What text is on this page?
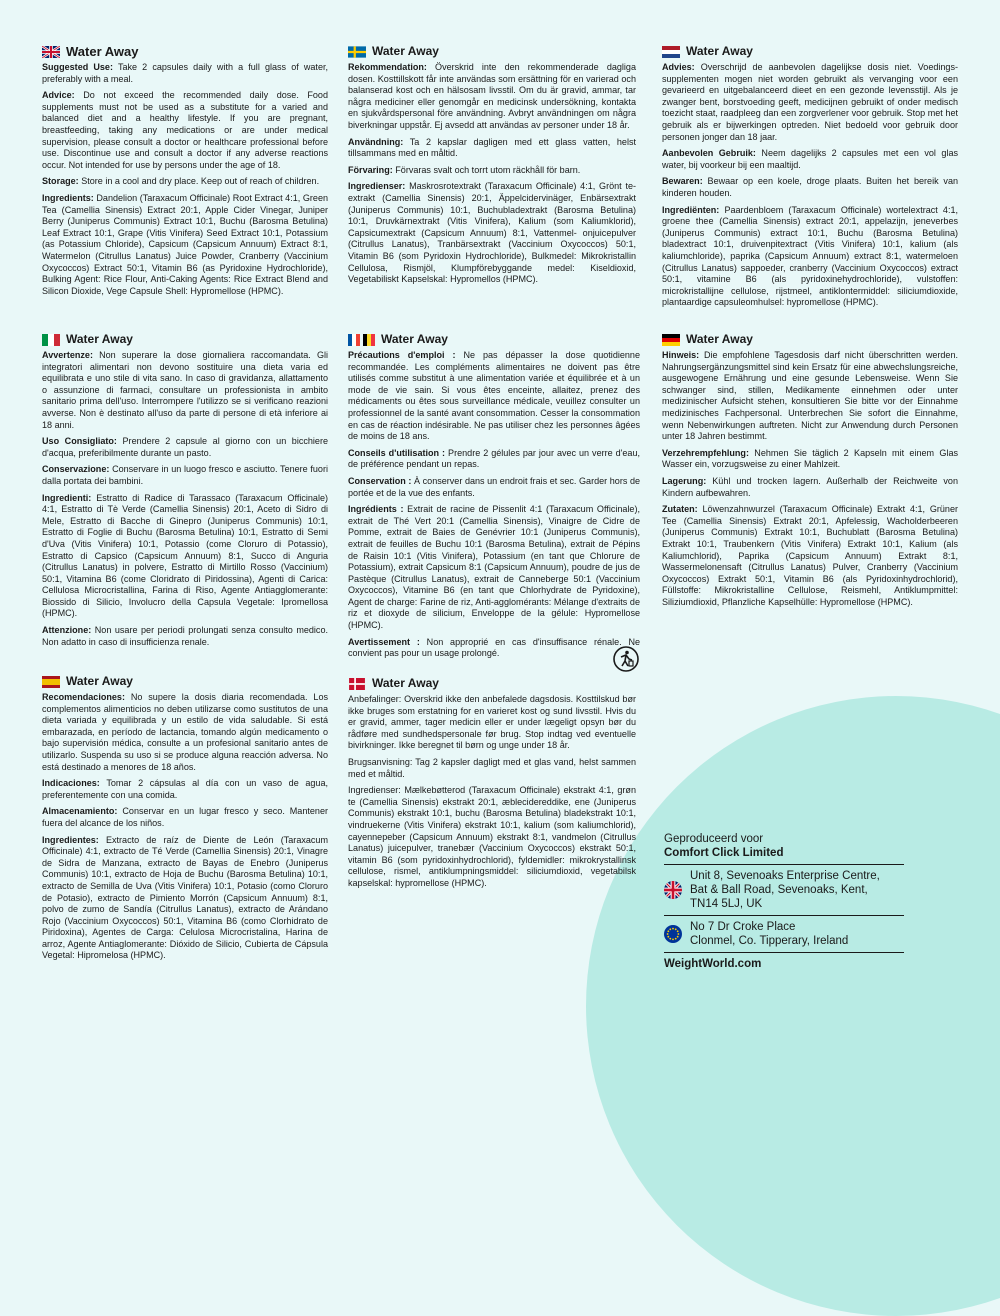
Water Away

Suggested Use: Take 2 capsules daily with a full glass of water, preferably with a meal.

Advice: Do not exceed the recommended daily dose. Food supplements must not be used as a substitute for a varied and balanced diet and a healthy lifestyle. If you are pregnant, breastfeeding, taking any medications or are under medical supervision, please consult a doctor or healthcare professional before use. Discontinue use and consult a doctor if any adverse reactions occur. Not intended for use by persons under the age of 18.

Storage: Store in a cool and dry place. Keep out of reach of children.

Ingredients: Dandelion (Taraxacum Officinale) Root Extract 4:1, Green Tea (Camellia Sinensis) Extract 20:1, Apple Cider Vinegar, Juniper Berry (Juniperus Communis) Extract 10:1, Buchu (Barosma Betulina) Leaf Extract 10:1, Grape (Vitis Vinifera) Seed Extract 10:1, Potassium (as Potassium Chloride), Capsicum (Capsicum Annuum) Extract 8:1, Watermelon (Citrullus Lanatus) Juice Powder, Cranberry (Vaccinium Oxycoccos) Extract 50:1, Vitamin B6 (as Pyridoxine Hydrochloride), Bulking Agent: Rice Flour, Anti-Caking Agents: Rice Extract Blend and Silicon Dioxide, Vege Capsule Shell: Hypromellose (HPMC).

Water Away

Rekommendation: Överskrid inte den rekommenderade dagliga dosen. Kosttillskott får inte användas som ersättning för en varierad och balanserad kost och en hälsosam livsstil. Om du är gravid, ammar, tar några mediciner eller genomgår en medicinsk undersökning, kontakta en sjukvårdspersonal före användning. Avbryt användningen om några biverkningar uppstår. Ej avsedd att användas av personer under 18 år.

Användning: Ta 2 kapslar dagligen med ett glass vatten, helst tillsammans med en måltid.

Förvaring: Förvaras svalt och torrt utom räckhåll för barn.

Ingredienser: Maskrosrotextrakt (Taraxacum Officinale) 4:1, Grönt te-extrakt (Camellia Sinensis) 20:1, Äppelcidervinäger, Enbärsextrakt (Juniperus Communis) 10:1, Buchubladextrakt (Barosma Betulina) 10:1, Druvkärnextrakt (Vitis Vinifera), Kalium (som Kaliumklorid), Capsicumextrakt (Capsicum Annuum) 8:1, Vattenmel- onjuicepulver (Citrullus Lanatus), Tranbärsextrakt (Vaccinium Oxycoccos) 50:1, Vitamin B6 (som Pyridoxin Hydrochloride), Bulkmedel: Mikrokristallin Cellulosa, Rismjöl, Klumpförebyggande medel: Kiseldioxid, Vegetabiliskt Kapselskal: Hypromellos (HPMC).

Water Away

Advies: Overschrijd de aanbevolen dagelijkse dosis niet. Voedings- supplementen mogen niet worden gebruikt als vervanging voor een gevarieerd en uitgebalanceerd dieet en een gezonde levensstijl. Als je zwanger bent, borstvoeding geeft, medicijnen gebruikt of onder medisch toezicht staat, raadpleeg dan een zorgverlener voor gebruik. Stop met het gebruik als er bijwerkingen optreden. Niet bedoeld voor gebruik door personen jonger dan 18 jaar.

Aanbevolen Gebruik: Neem dagelijks 2 capsules met een vol glas water, bij voorkeur bij een maaltijd.

Bewaren: Bewaar op een koele, droge plaats. Buiten het bereik van kinderen houden.

Ingrediënten: Paardenbloem (Taraxacum Officinale) wortelextract 4:1, groene thee (Camellia Sinensis) extract 20:1, appelazijn, jeneverbes (Juniperus Communis) extract 10:1, Buchu (Barosma Betulina) bladextract 10:1, druivenpitextract (Vitis Vinifera) 10:1, kalium (als kaliumchloride), paprika (Capsicum Annuum) extract 8:1, watermeloen (Citrullus Lanatus) sappoeder, cranberry (Vaccinium Oxycoccos) extract 50:1, vitamine B6 (als pyridoxinehydrochloride), vulstoffen: microkristallijne cellulose, rijstmeel, antiklontermiddel: siliciumdioxide, plantaardige capsuleomhulsel: hypromellose (HPMC).

Water Away

Avvertenze: Non superare la dose giornaliera raccomandata. Gli integratori alimentari non devono sostituire una dieta varia ed equilibrata e uno stile di vita sano. In caso di gravidanza, allattamento o assunzione di farmaci, consultare un professionista in ambito sanitario prima dell'uso. Interrompere l'utilizzo se si verificano reazioni avverse. Non è destinato all'uso da parte di persone di età inferiore ai 18 anni.

Uso Consigliato: Prendere 2 capsule al giorno con un bicchiere d'acqua, preferibilmente durante un pasto.

Conservazione: Conservare in un luogo fresco e asciutto. Tenere fuori dalla portata dei bambini.

Ingredienti: Estratto di Radice di Tarassaco (Taraxacum Officinale) 4:1, Estratto di Tè Verde (Camellia Sinensis) 20:1, Aceto di Sidro di Mele, Estratto di Bacche di Ginepro (Juniperus Communis) 10:1, Estratto di Foglie di Buchu (Barosma Betulina) 10:1, Estratto di Semi d'Uva (Vitis Vinifera) 10:1, Potassio (come Cloruro di Potassio), Estratto di Capsico (Capsicum Annuum) 8:1, Succo di Anguria (Citrullus Lanatus) in polvere, Estratto di Mirtillo Rosso (Vaccinium) 50:1, Vitamina B6 (come Cloridrato di Piridossina), Agenti di Carica: Cellulosa Microcristallina, Farina di Riso, Agente Antiagglomerante: Biossido di Silicio, Involucro della Capsula Vegetale: Ipromellosa (HPMC).

Attenzione: Non usare per periodi prolungati senza consulto medico. Non adatto in caso di insufficienza renale.

Water Away

Précautions d'emploi : Ne pas dépasser la dose quotidienne recommandée. Les compléments alimentaires ne doivent pas être utilisés comme substitut à une alimentation variée et équilibrée et à un mode de vie sain. Si vous êtes enceinte, allaitez, prenez des médicaments ou êtes sous surveillance médicale, veuillez consulter un professionnel de la santé avant consommation. Cesser la consommation en cas de réaction indésirable. Ne pas utiliser chez les personnes âgées de moins de 18 ans.

Conseils d'utilisation : Prendre 2 gélules par jour avec un verre d'eau, de préférence pendant un repas.

Conservation : À conserver dans un endroit frais et sec. Garder hors de portée et de la vue des enfants.

Ingrédients : Extrait de racine de Pissenlit 4:1 (Taraxacum Officinale), extrait de Thé Vert 20:1 (Camellia Sinensis), Vinaigre de Cidre de Pomme, extrait de Baies de Genévrier 10:1 (Juniperus Communis), extrait de feuilles de Buchu 10:1 (Barosma Betulina), extrait de Pépins de Raisin 10:1 (Vitis Vinifera), Potassium (en tant que Chlorure de Potassium), extrait Capsicum 8:1 (Capsicum Annuum), poudre de jus de Pastèque (Citrullus Lanatus), extrait de Canneberge 50:1 (Vaccinium Oxycoccos), Vitamine B6 (en tant que Chlorhydrate de Pyridoxine), Agent de charge: Farine de riz, Anti-agglomérants: Mélange d'extraits de riz et dioxyde de silicium, Enveloppe de la gélule: Hypromellose (HPMC).

Avertissement : Non approprié en cas d'insuffisance rénale. Ne convient pas pour un usage prolongé.

Water Away

Hinweis: Die empfohlene Tagesdosis darf nicht überschritten werden. Nahrungsergänzungsmittel sind kein Ersatz für eine abwechslungsreiche, ausgewogene Ernährung und eine gesunde Lebensweise. Wenn Sie schwanger sind, stillen, Medikamente einnehmen oder unter medizinischer Aufsicht stehen, konsultieren Sie bitte vor der Einnahme medizinisches Fachpersonal. Unterbrechen Sie sofort die Einnahme, wenn Nebenwirkungen auftreten. Nicht zur Anwendung durch Personen unter 18 Jahren bestimmt.

Verzehrempfehlung: Nehmen Sie täglich 2 Kapseln mit einem Glas Wasser ein, vorzugsweise zu einer Mahlzeit.

Lagerung: Kühl und trocken lagern. Außerhalb der Reichweite von Kindern aufbewahren.

Zutaten: Löwenzahnwurzel (Taraxacum Officinale) Extrakt 4:1, Grüner Tee (Camellia Sinensis) Extrakt 20:1, Apfelessig, Wacholderbeeren (Juniperus Communis) Extrakt 10:1, Buchublatt (Barosma Betulina) Extrakt 10:1, Traubenkern (Vitis Vinifera) Extrakt 10:1, Kalium (als Kaliumchlorid), Paprika (Capsicum Annuum) Extrakt 8:1, Wassermelonensaft (Citrullus Lanatus) Pulver, Cranberry (Vaccinium Oxycoccos) Extrakt 50:1, Vitamin B6 (als Pyridoxinhydrochlorid), Füllstoffe: Mikrokristalline Cellulose, Reismehl, Antiklumpmittel: Siliziumdioxid, Pflanzliche Kapselhülle: Hypromellose (HPMC).

Water Away

Recomendaciones: No supere la dosis diaria recomendada. Los complementos alimenticios no deben utilizarse como sustitutos de una dieta variada y equilibrada y un estilo de vida saludable. Si está embarazada, en período de lactancia, tomando algún medicamento o bajo supervisión médica, consulte a un profesional sanitario antes de utilizarlo. Suspenda su uso si se produce alguna reacción adversa. No está destinado a menores de 18 años.

Indicaciones: Tomar 2 cápsulas al día con un vaso de agua, preferentemente con una comida.

Almacenamiento: Conservar en un lugar fresco y seco. Mantener fuera del alcance de los niños.

Ingredientes: Extracto de raíz de Diente de León (Taraxacum Officinale) 4:1, extracto de Té Verde (Camellia Sinensis) 20:1, Vinagre de Sidra de Manzana, extracto de Bayas de Enebro (Juniperus Communis) 10:1, extracto de Hoja de Buchu (Barosma Betulina) 10:1, extracto de Semilla de Uva (Vitis Vinifera) 10:1, Potasio (como Cloruro de Potasio), extracto de Pimiento Morrón (Capsicum Annuum) 8:1, polvo de zumo de Sandía (Citrullus Lanatus), extracto de Arándano Rojo (Vaccinium Oxycoccos) 50:1, Vitamina B6 (como Clorhidrato de Piridoxina), Agentes de Carga: Celulosa Microcristalina, Harina de arroz, Agente Antiaglomerante: Dióxido de Silicio, Cubierta de Cápsula Vegetal: Hipromelosa (HPMC).

Water Away

Anbefalinger: Overskrid ikke den anbefalede dagsdosis. Kosttilskud bør ikke bruges som erstatning for en varieret kost og sund livsstil. Hvis du er gravid, ammer, tager medicin eller er under lægeligt opsyn bør du rådføre med sundhedspersonale før brug. Stop indtag ved eventuelle bivirkninger. Ikke beregnet til børn og unge under 18 år.

Brugsanvisning: Tag 2 kapsler dagligt med et glas vand, helst sammen med et måltid.

Ingredienser: Mælkebøtterod (Taraxacum Officinale) ekstrakt 4:1, grøn te (Camellia Sinensis) ekstrakt 20:1, æblecidereddike, ene (Juniperus Communis) ekstrakt 10:1, buchu (Barosma Betulina) bladekstrakt 10:1, vindruekerne (Vitis Vinifera) ekstrakt 10:1, kalium (som kaliumchlorid), cayennepeber (Capsicum Annuum) ekstrakt 8:1, vandmelon (Citrullus Lanatus) juicepulver, tranebær (Vaccinium Oxycoccos) ekstrakt 50:1, vitamin B6 (som pyridoxinhydrochlorid), fyldemidler: mikrokrystallinsk cellulose, rismel, antiklumpningsmiddel: siliciumdioxid, vegetabilsk kapselskal: hypromellose (HPMC).

Geproduceerd voor
Comfort Click Limited
Unit 8, Sevenoaks Enterprise Centre,
Bat & Ball Road, Sevenoaks, Kent,
TN14 5LJ, UK
No 7 Dr Croke Place
Clonmel, Co. Tipperary, Ireland
WeightWorld.com
